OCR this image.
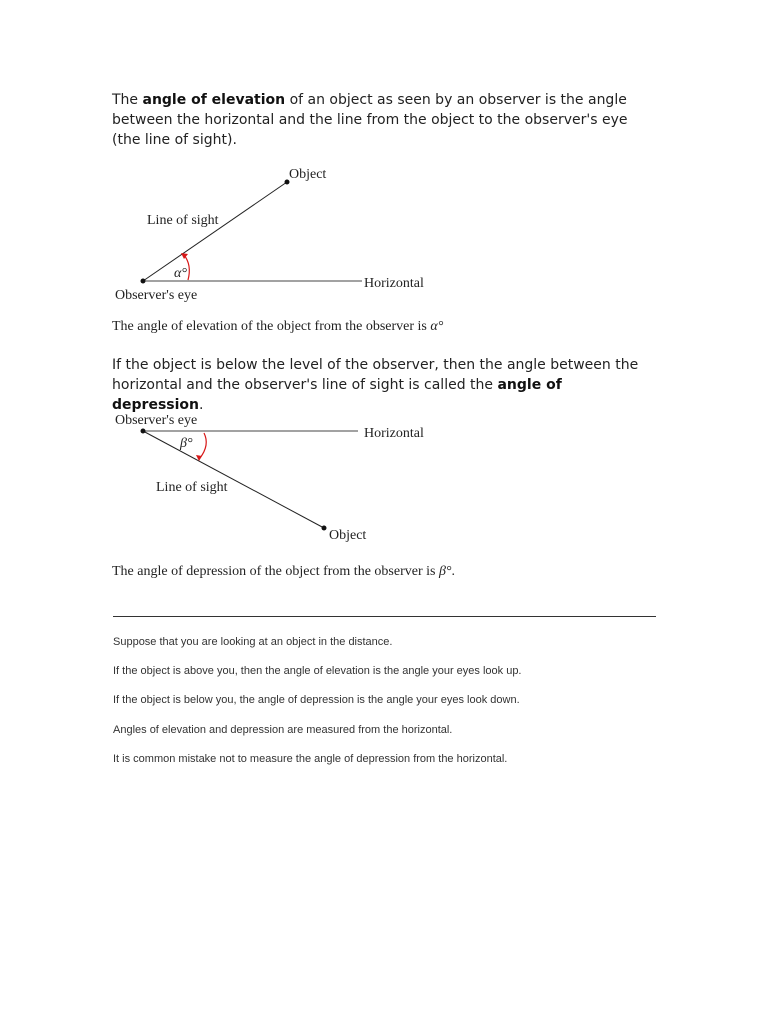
The angle of elevation of an object as seen by an observer is the angle between the horizontal and the line from the object to the observer's eye (the line of sight).

Object
Line of sight
α°
Horizontal
Observer's eye

The angle of elevation of the object from the observer is α°

If the object is below the level of the observer, then the angle between the horizontal and the observer's line of sight is called the angle of depression.

Observer's eye
β°
Horizontal
Line of sight
Object

The angle of depression of the object from the observer is β°.

Suppose that you are looking at an object in the distance.

If the object is above you, then the angle of elevation is the angle your eyes look up.

If the object is below you, the angle of depression is the angle your eyes look down.

Angles of elevation and depression are measured from the horizontal.

It is common mistake not to measure the angle of depression from the horizontal.
